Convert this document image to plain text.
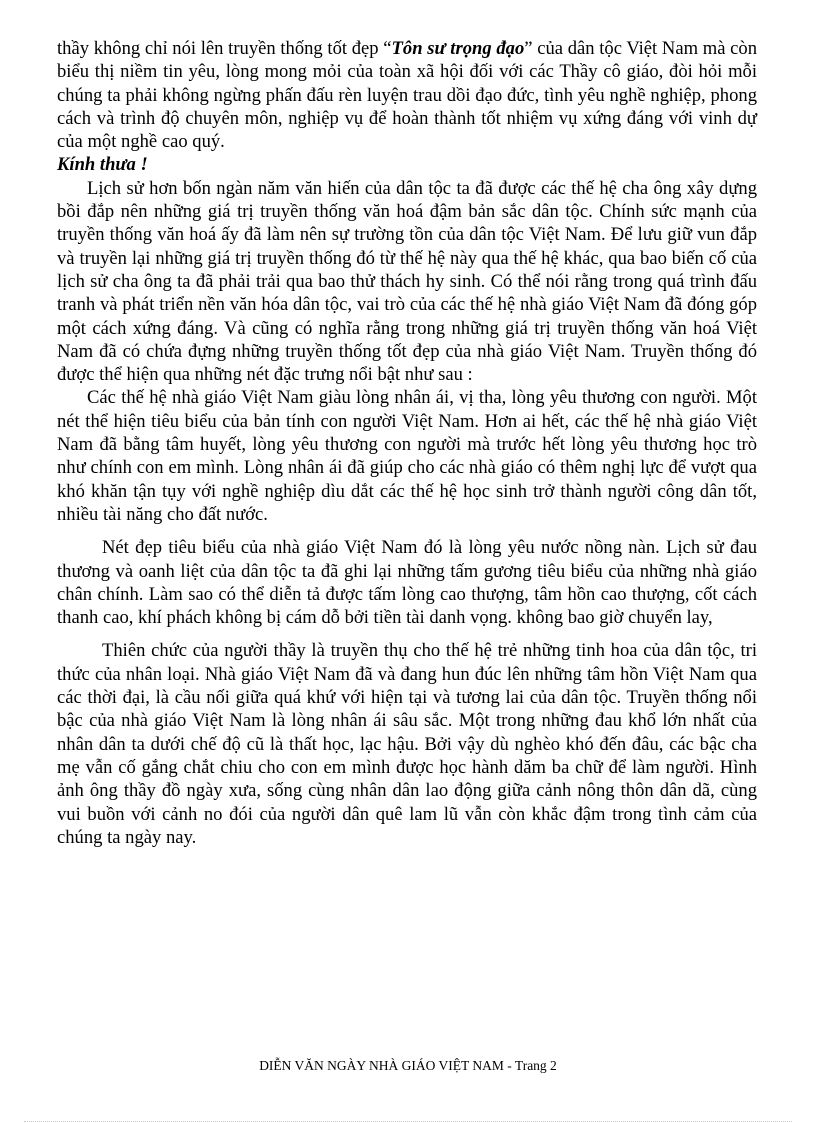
thầy không chỉ nói lên truyền thống tốt đẹp “Tôn sư trọng đạo” của dân tộc Việt Nam mà còn biểu thị niềm tin yêu, lòng mong mỏi của toàn xã hội đối với các Thầy cô giáo, đòi hỏi mỗi chúng ta phải không ngừng phấn đấu rèn luyện trau dồi đạo đức, tình yêu nghề nghiệp, phong cách và trình độ chuyên môn, nghiệp vụ để hoàn thành tốt nhiệm vụ xứng đáng với vinh dự của một nghề cao quý.

Kính thưa !

Lịch sử hơn bốn ngàn năm văn hiến của dân tộc ta đã được các thế hệ cha ông xây dựng bồi đắp nên những giá trị truyền thống văn hoá đậm bản sắc dân tộc. Chính sức mạnh của truyền thống văn hoá ấy đã làm nên sự trường tồn của dân tộc Việt Nam. Để lưu giữ vun đắp và truyền lại những giá trị truyền thống đó từ thế hệ này qua thế hệ khác, qua bao biến cố của lịch sử cha ông ta đã phải trải qua bao thử thách hy sinh. Có thể nói rằng trong quá trình đấu tranh và phát triển nền văn hóa dân tộc, vai trò của các thế hệ nhà giáo Việt Nam đã đóng góp một cách xứng đáng. Và cũng có nghĩa rằng trong những giá trị truyền thống văn hoá Việt Nam đã có chứa đựng những truyền thống tốt đẹp của nhà giáo Việt Nam. Truyền thống đó được thể hiện qua những nét đặc trưng nổi bật như sau :

Các thế hệ nhà giáo Việt Nam giàu lòng nhân ái, vị tha, lòng yêu thương con người. Một nét thể hiện tiêu biểu của bản tính con người Việt Nam. Hơn ai hết, các thế hệ nhà giáo Việt Nam đã bằng tâm huyết, lòng yêu thương con người mà trước hết lòng yêu thương học trò như chính con em mình. Lòng nhân ái đã giúp cho các nhà giáo có thêm nghị lực để vượt qua khó khăn tận tụy với nghề nghiệp dìu dắt các thế hệ học sinh trở thành người công dân tốt, nhiều tài năng cho đất nước.

Nét đẹp tiêu biểu của nhà giáo Việt Nam đó là lòng yêu nước nồng nàn. Lịch sử đau thương và oanh liệt của dân tộc ta đã ghi lại những tấm gương tiêu biểu của những nhà giáo chân chính. Làm sao có thể diễn tả được tấm lòng cao thượng, tâm hồn cao thượng, cốt cách thanh cao, khí phách không bị cám dỗ bởi tiền tài danh vọng. không bao giờ chuyển lay,

Thiên chức của người thầy là truyền thụ cho thế hệ trẻ những tinh hoa của dân tộc, tri thức của nhân loại. Nhà giáo Việt Nam đã và đang hun đúc lên những tâm hồn Việt Nam qua các thời đại, là cầu nối giữa quá khứ với hiện tại và tương lai của dân tộc. Truyền thống nổi bậc của nhà giáo Việt Nam là lòng nhân ái sâu sắc. Một trong những đau khổ lớn nhất của nhân dân ta dưới chế độ cũ là thất học, lạc hậu. Bởi vậy dù nghèo khó đến đâu, các bậc cha mẹ vẫn cố gắng chắt chiu cho con em mình được học hành dăm ba chữ để làm người. Hình ảnh ông thầy đồ ngày xưa, sống cùng nhân dân lao động giữa cảnh nông thôn dân dã, cùng vui buồn với cảnh no đói của người dân quê lam lũ vẫn còn khắc đậm trong tình cảm của chúng ta ngày nay.

DIỄN VĂN NGÀY NHÀ GIÁO VIỆT NAM - Trang 2
